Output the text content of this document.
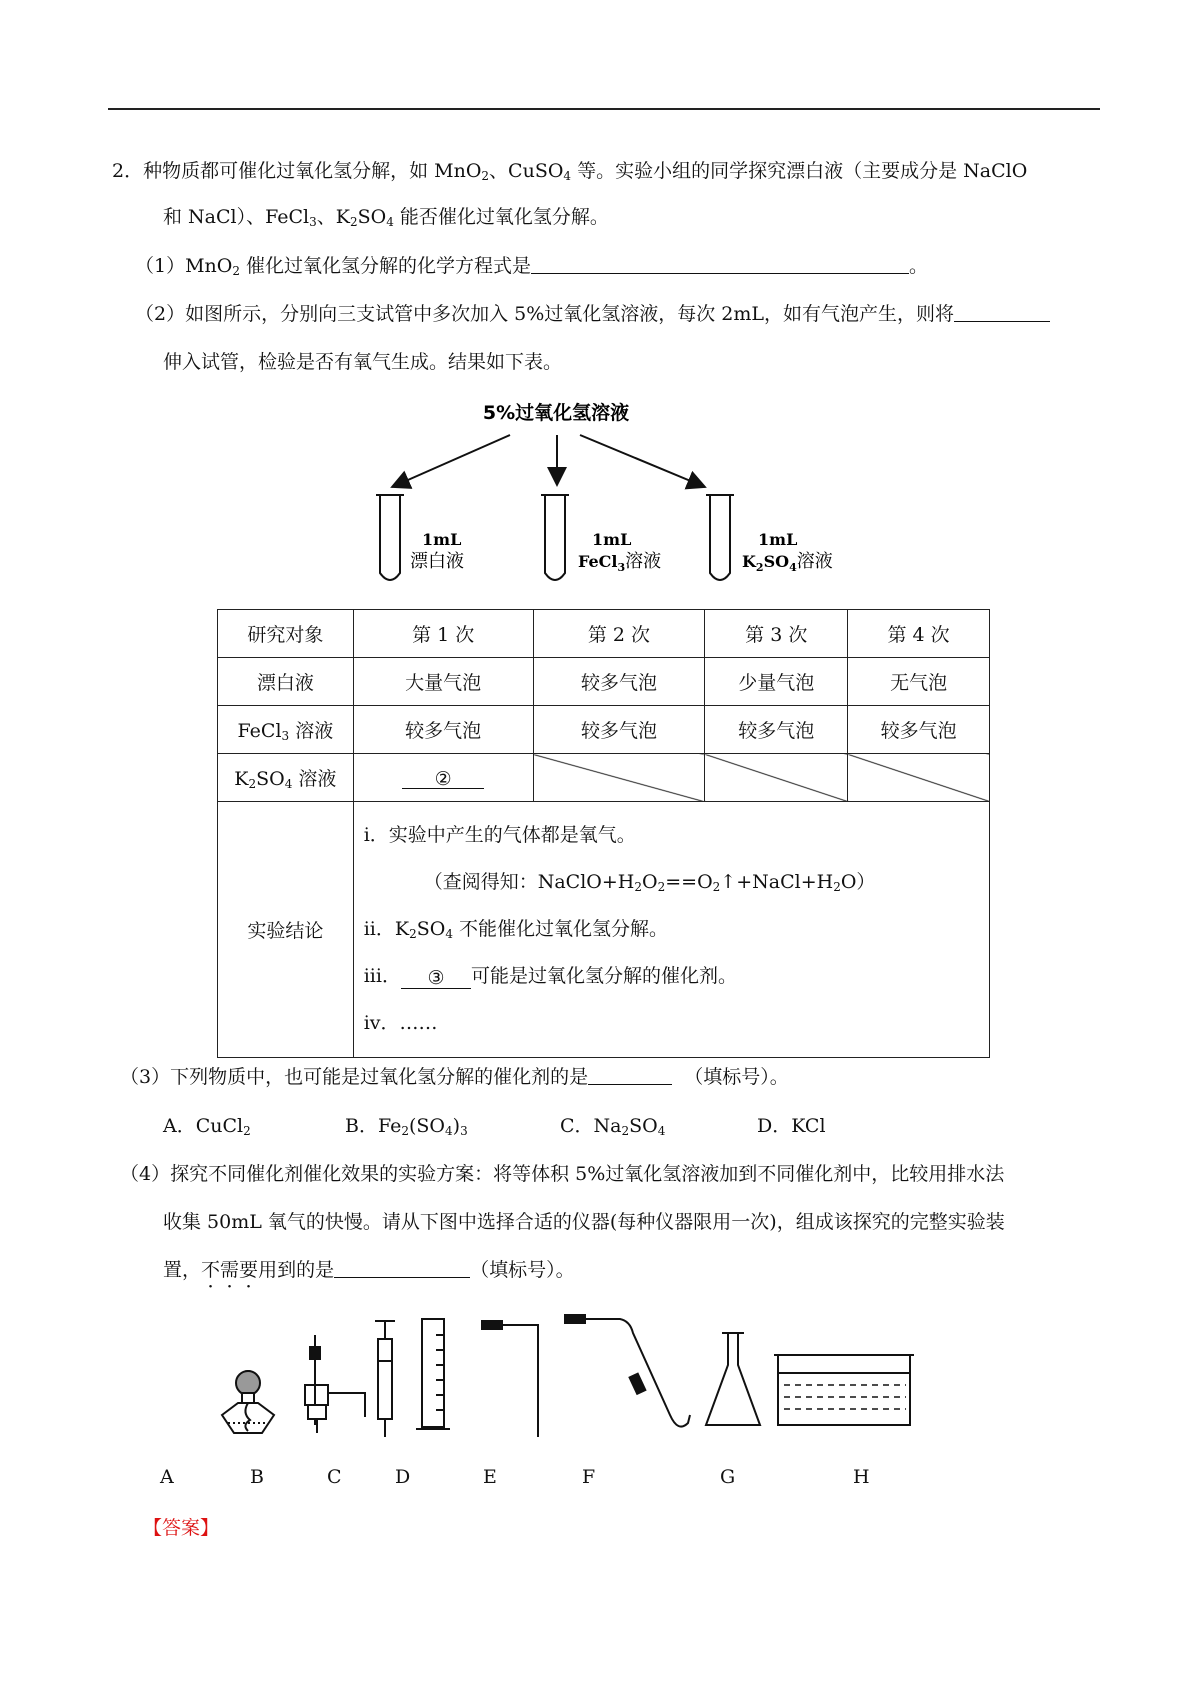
2．种物质都可催化过氧化氢分解，如 MnO$_2$、CuSO$_4$ 等。实验小组的同学探究漂白液（主要成分是 NaClO
和 NaCl）、FeCl$_3$、$K_2SO_4$ 能否催化过氧化氢分解。
（1）MnO$_2$ 催化过氧化氢分解的化学方程式是	。
（2）如图所示，分别向三支试管中多次加入 5%过氧化氢溶液，每次 2mL，如有气泡产生，则将
伸入试管，检验是否有氧气生成。结果如下表。
5%过氧化氢溶液
1mL
漂白液
1mL
FeCl$_3$溶液
1mL
$K_2SO_4$溶液
研究对象	第 1 次	第 2 次	第 3 次	第 4 次
漂白液	大量气泡	较多气泡	少量气泡	无气泡
FeCl$_3$ 溶液	较多气泡	较多气泡	较多气泡	较多气泡
$K_2SO_4$ 溶液	②			
实验结论	i．实验中产生的气体都是氧气。
（查阅得知：$NaClO+H_2O_2==O_2↑+NaCl+H_2O$）
ii．$K_2SO_4$ 不能催化过氧化氢分解。
iii． ③ 可能是过氧化氢分解的催化剂。
iv．……			
（3）下列物质中，也可能是过氧化氢分解的催化剂的是	（填标号）。
A．CuCl$_2$	B．$Fe_2(SO_4)_3$	C．$Na_2SO_4$	D．KCl
（4）探究不同催化剂催化效果的实验方案：将等体积 5%过氧化氢溶液加到不同催化剂中，比较用排水法
收集 50mL 氧气的快慢。请从下图中选择合适的仪器(每种仪器限用一次)，组成该探究的完整实验装
置，不需要用到的是	（填标号）。
A	B	C	D	E	F	G	H
【答案】
